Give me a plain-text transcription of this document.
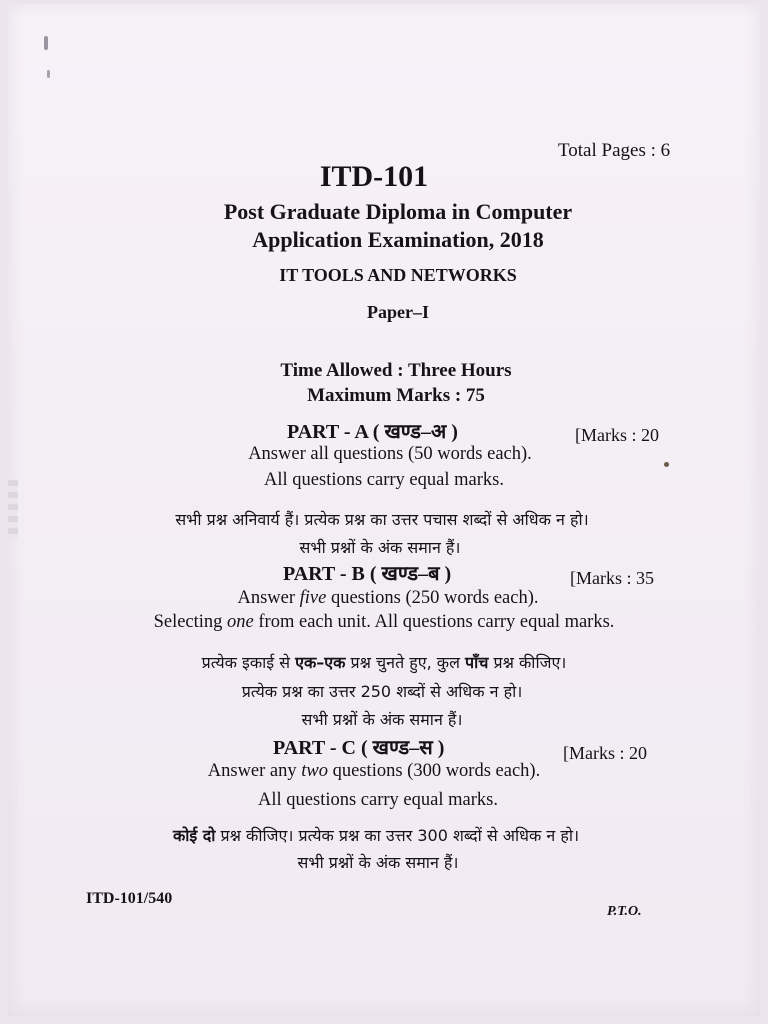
Total Pages : 6
ITD-101
Post Graduate Diploma in Computer
Application Examination, 2018
IT TOOLS AND NETWORKS
Paper–I
Time Allowed : Three Hours
Maximum Marks : 75
PART - A ( खण्ड–अ )	[Marks : 20
Answer all questions (50 words each).
All questions carry equal marks.
सभी प्रश्न अनिवार्य हैं। प्रत्येक प्रश्न का उत्तर पचास शब्दों से अधिक न हो।
सभी प्रश्नों के अंक समान हैं।
PART - B ( खण्ड–ब )	[Marks : 35
Answer five questions (250 words each).
Selecting one from each unit. All questions carry equal marks.
प्रत्येक इकाई से एक–एक प्रश्न चुनते हुए, कुल पाँच प्रश्न कीजिए।
प्रत्येक प्रश्न का उत्तर 250 शब्दों से अधिक न हो।
सभी प्रश्नों के अंक समान हैं।
PART - C ( खण्ड–स )	[Marks : 20
Answer any two questions (300 words each).
All questions carry equal marks.
कोई दो प्रश्न कीजिए। प्रत्येक प्रश्न का उत्तर 300 शब्दों से अधिक न हो।
सभी प्रश्नों के अंक समान हैं।
ITD-101/540
P.T.O.
